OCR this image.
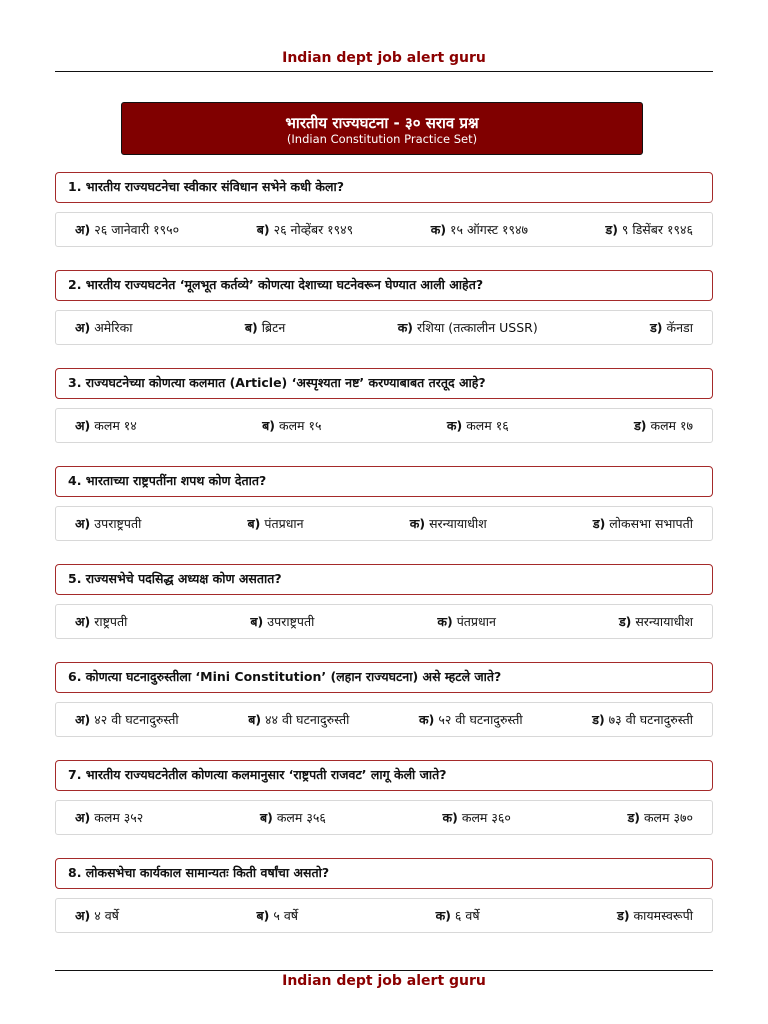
Indian dept job alert guru
भारतीय राज्यघटना - ३० सराव प्रश्न
(Indian Constitution Practice Set)
1. भारतीय राज्यघटनेचा स्वीकार संविधान सभेने कधी केला?
अ) २६ जानेवारी १९५०	ब) २६ नोव्हेंबर १९४९	क) १५ ऑगस्ट १९४७	ड) ९ डिसेंबर १९४६
2. भारतीय राज्यघटनेत ‘मूलभूत कर्तव्ये’ कोणत्या देशाच्या घटनेवरून घेण्यात आली आहेत?
अ) अमेरिका	ब) ब्रिटन	क) रशिया (तत्कालीन USSR)	ड) कॅनडा
3. राज्यघटनेच्या कोणत्या कलमात (Article) ‘अस्पृश्यता नष्ट’ करण्याबाबत तरतूद आहे?
अ) कलम १४	ब) कलम १५	क) कलम १६	ड) कलम १७
4. भारताच्या राष्ट्रपतींना शपथ कोण देतात?
अ) उपराष्ट्रपती	ब) पंतप्रधान	क) सरन्यायाधीश	ड) लोकसभा सभापती
5. राज्यसभेचे पदसिद्ध अध्यक्ष कोण असतात?
अ) राष्ट्रपती	ब) उपराष्ट्रपती	क) पंतप्रधान	ड) सरन्यायाधीश
6. कोणत्या घटनादुरुस्तीला ‘Mini Constitution’ (लहान राज्यघटना) असे म्हटले जाते?
अ) ४२ वी घटनादुरुस्ती	ब) ४४ वी घटनादुरुस्ती	क) ५२ वी घटनादुरुस्ती	ड) ७३ वी घटनादुरुस्ती
7. भारतीय राज्यघटनेतील कोणत्या कलमानुसार ‘राष्ट्रपती राजवट’ लागू केली जाते?
अ) कलम ३५२	ब) कलम ३५६	क) कलम ३६०	ड) कलम ३७०
8. लोकसभेचा कार्यकाल सामान्यतः किती वर्षांचा असतो?
अ) ४ वर्षे	ब) ५ वर्षे	क) ६ वर्षे	ड) कायमस्वरूपी
Indian dept job alert guru
